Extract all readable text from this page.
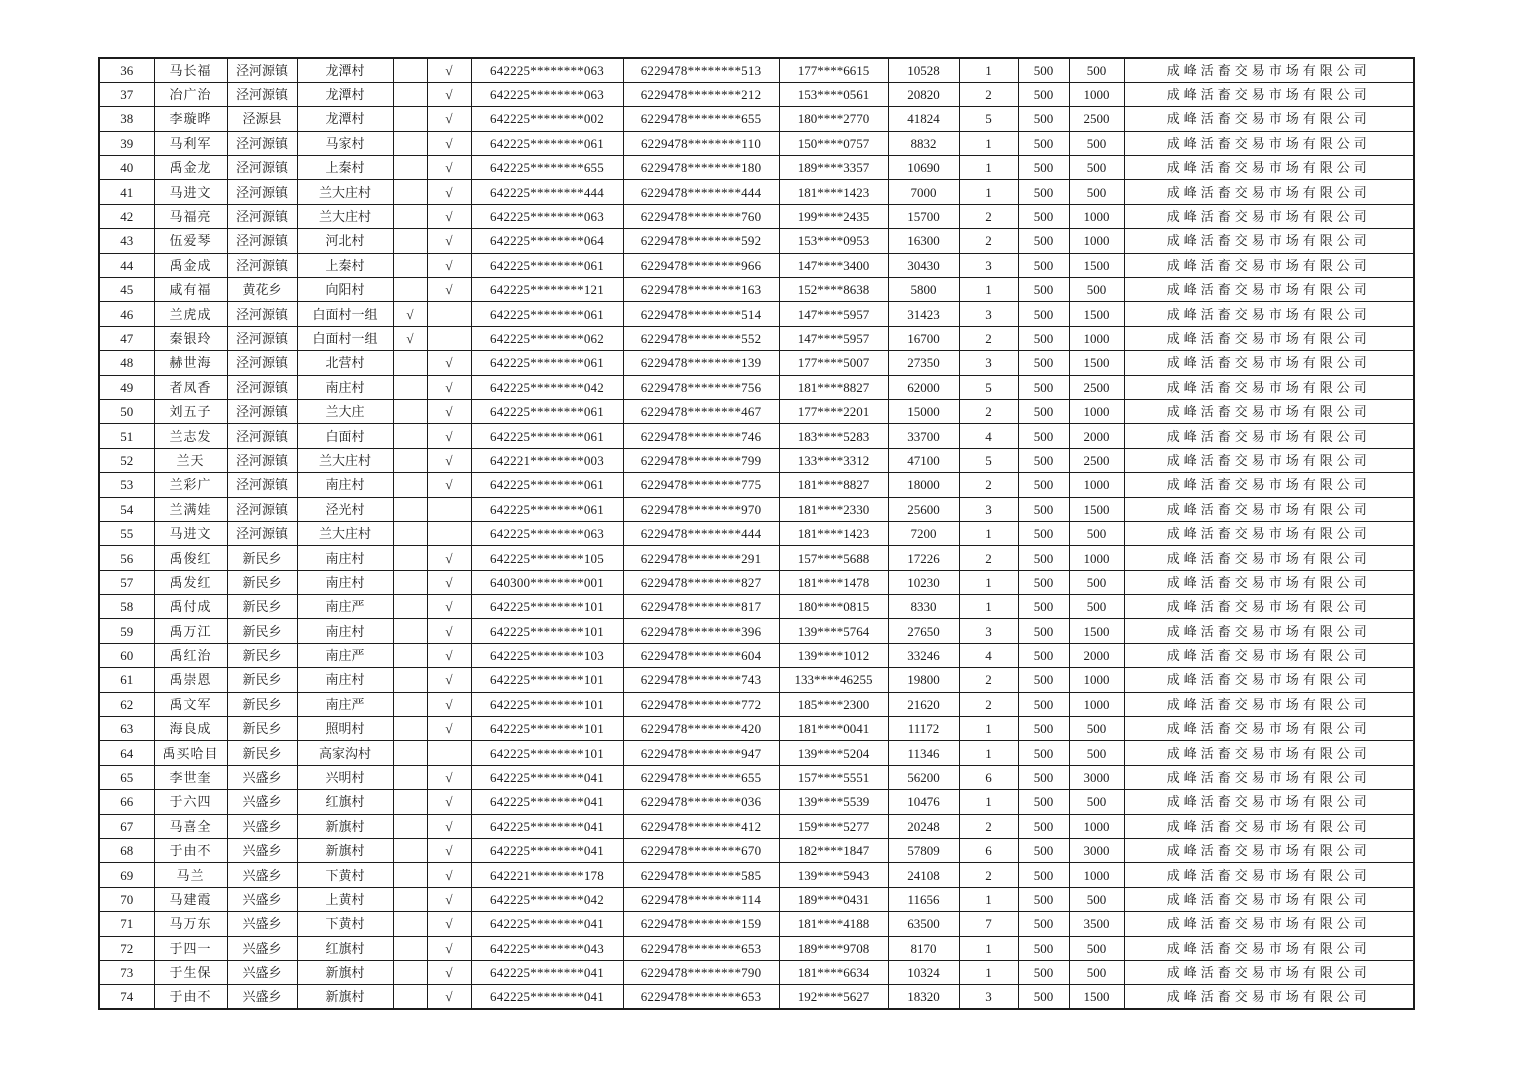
36	马长福	泾河源镇	龙潭村		√	642225********063	6229478********513	177****6615	10528	1	500	500	成峰活畜交易市场有限公司
37	冶广治	泾河源镇	龙潭村		√	642225********063	6229478********212	153****0561	20820	2	500	1000	成峰活畜交易市场有限公司
38	李璇晔	泾源县	龙潭村		√	642225********002	6229478********655	180****2770	41824	5	500	2500	成峰活畜交易市场有限公司
39	马利军	泾河源镇	马家村		√	642225********061	6229478********110	150****0757	8832	1	500	500	成峰活畜交易市场有限公司
40	禹金龙	泾河源镇	上秦村		√	642225********655	6229478********180	189****3357	10690	1	500	500	成峰活畜交易市场有限公司
41	马进文	泾河源镇	兰大庄村		√	642225********444	6229478********444	181****1423	7000	1	500	500	成峰活畜交易市场有限公司
42	马福亮	泾河源镇	兰大庄村		√	642225********063	6229478********760	199****2435	15700	2	500	1000	成峰活畜交易市场有限公司
43	伍爱琴	泾河源镇	河北村		√	642225********064	6229478********592	153****0953	16300	2	500	1000	成峰活畜交易市场有限公司
44	禹金成	泾河源镇	上秦村		√	642225********061	6229478********966	147****3400	30430	3	500	1500	成峰活畜交易市场有限公司
45	咸有福	黄花乡	向阳村		√	642225********121	6229478********163	152****8638	5800	1	500	500	成峰活畜交易市场有限公司
46	兰虎成	泾河源镇	白面村一组	√		642225********061	6229478********514	147****5957	31423	3	500	1500	成峰活畜交易市场有限公司
47	秦银玲	泾河源镇	白面村一组	√		642225********062	6229478********552	147****5957	16700	2	500	1000	成峰活畜交易市场有限公司
48	赫世海	泾河源镇	北营村		√	642225********061	6229478********139	177****5007	27350	3	500	1500	成峰活畜交易市场有限公司
49	者凤香	泾河源镇	南庄村		√	642225********042	6229478********756	181****8827	62000	5	500	2500	成峰活畜交易市场有限公司
50	刘五子	泾河源镇	兰大庄		√	642225********061	6229478********467	177****2201	15000	2	500	1000	成峰活畜交易市场有限公司
51	兰志发	泾河源镇	白面村		√	642225********061	6229478********746	183****5283	33700	4	500	2000	成峰活畜交易市场有限公司
52	兰天	泾河源镇	兰大庄村		√	642221********003	6229478********799	133****3312	47100	5	500	2500	成峰活畜交易市场有限公司
53	兰彩广	泾河源镇	南庄村		√	642225********061	6229478********775	181****8827	18000	2	500	1000	成峰活畜交易市场有限公司
54	兰满娃	泾河源镇	泾光村			642225********061	6229478********970	181****2330	25600	3	500	1500	成峰活畜交易市场有限公司
55	马进文	泾河源镇	兰大庄村			642225********063	6229478********444	181****1423	7200	1	500	500	成峰活畜交易市场有限公司
56	禹俊红	新民乡	南庄村		√	642225********105	6229478********291	157****5688	17226	2	500	1000	成峰活畜交易市场有限公司
57	禹发红	新民乡	南庄村		√	640300********001	6229478********827	181****1478	10230	1	500	500	成峰活畜交易市场有限公司
58	禹付成	新民乡	南庄严		√	642225********101	6229478********817	180****0815	8330	1	500	500	成峰活畜交易市场有限公司
59	禹万江	新民乡	南庄村		√	642225********101	6229478********396	139****5764	27650	3	500	1500	成峰活畜交易市场有限公司
60	禹红治	新民乡	南庄严		√	642225********103	6229478********604	139****1012	33246	4	500	2000	成峰活畜交易市场有限公司
61	禹崇恩	新民乡	南庄村		√	642225********101	6229478********743	133****46255	19800	2	500	1000	成峰活畜交易市场有限公司
62	禹文军	新民乡	南庄严		√	642225********101	6229478********772	185****2300	21620	2	500	1000	成峰活畜交易市场有限公司
63	海良成	新民乡	照明村		√	642225********101	6229478********420	181****0041	11172	1	500	500	成峰活畜交易市场有限公司
64	禹买哈目	新民乡	高家沟村			642225********101	6229478********947	139****5204	11346	1	500	500	成峰活畜交易市场有限公司
65	李世奎	兴盛乡	兴明村		√	642225********041	6229478********655	157****5551	56200	6	500	3000	成峰活畜交易市场有限公司
66	于六四	兴盛乡	红旗村		√	642225********041	6229478********036	139****5539	10476	1	500	500	成峰活畜交易市场有限公司
67	马喜全	兴盛乡	新旗村		√	642225********041	6229478********412	159****5277	20248	2	500	1000	成峰活畜交易市场有限公司
68	于由不	兴盛乡	新旗村		√	642225********041	6229478********670	182****1847	57809	6	500	3000	成峰活畜交易市场有限公司
69	马兰	兴盛乡	下黄村		√	642221********178	6229478********585	139****5943	24108	2	500	1000	成峰活畜交易市场有限公司
70	马建霞	兴盛乡	上黄村		√	642225********042	6229478********114	189****0431	11656	1	500	500	成峰活畜交易市场有限公司
71	马万东	兴盛乡	下黄村		√	642225********041	6229478********159	181****4188	63500	7	500	3500	成峰活畜交易市场有限公司
72	于四一	兴盛乡	红旗村		√	642225********043	6229478********653	189****9708	8170	1	500	500	成峰活畜交易市场有限公司
73	于生保	兴盛乡	新旗村		√	642225********041	6229478********790	181****6634	10324	1	500	500	成峰活畜交易市场有限公司
74	于由不	兴盛乡	新旗村		√	642225********041	6229478********653	192****5627	18320	3	500	1500	成峰活畜交易市场有限公司
